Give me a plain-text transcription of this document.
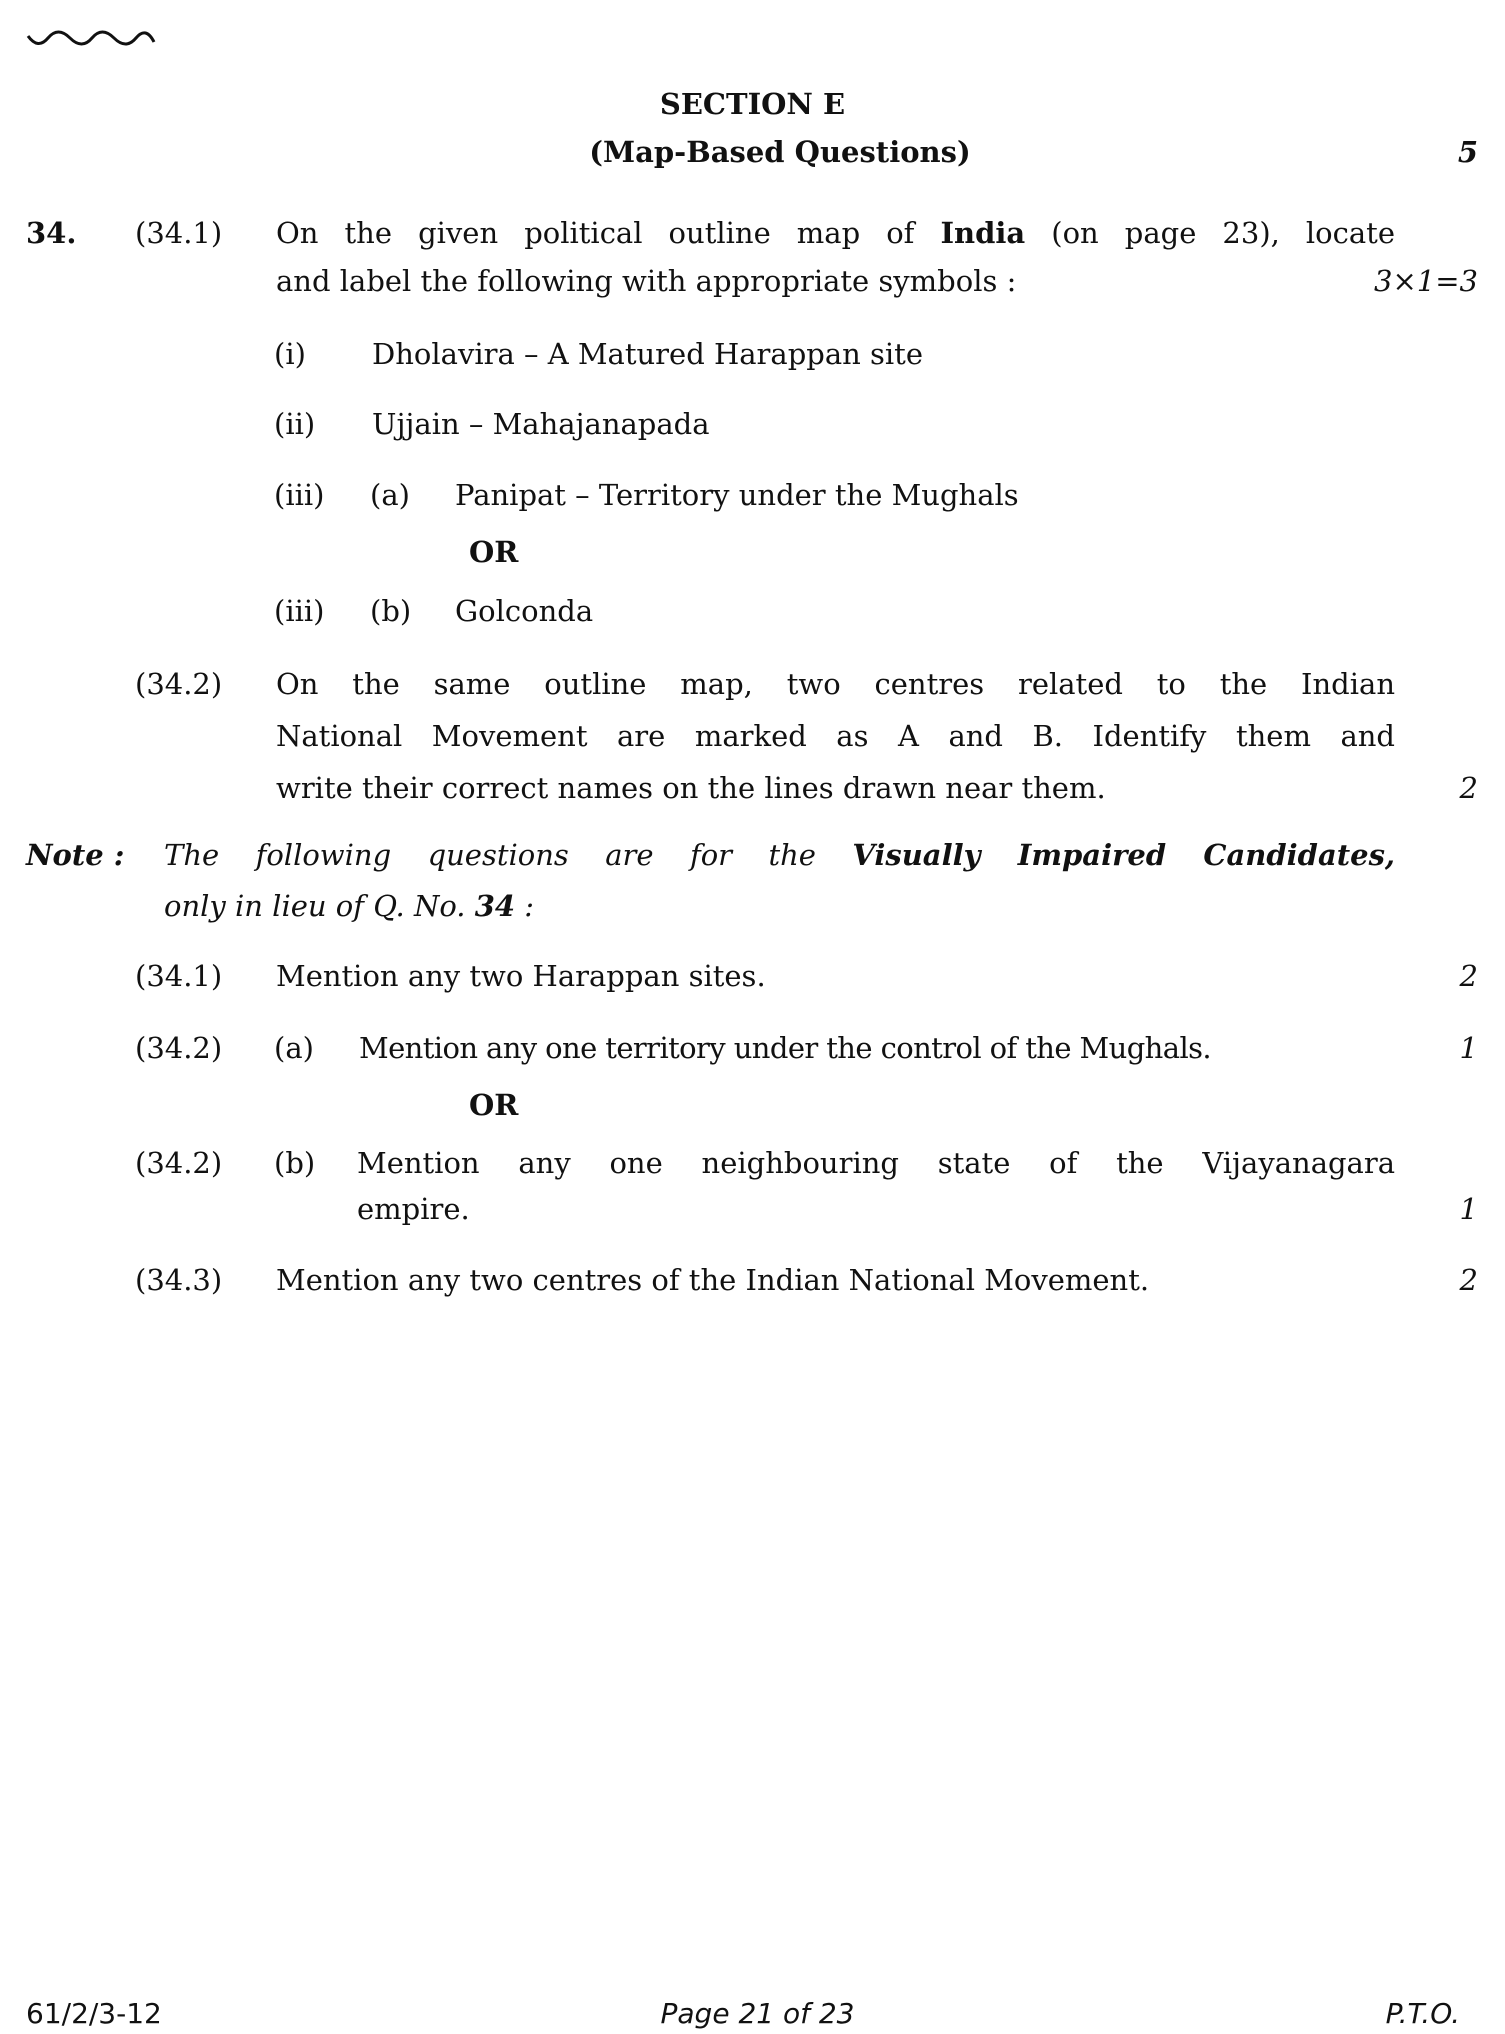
SECTION E
(Map-Based Questions)	5
34. (34.1) On the given political outline map of India (on page 23), locate
and label the following with appropriate symbols :	3×1=3
(i) Dholavira – A Matured Harappan site
(ii) Ujjain – Mahajanapada
(iii) (a) Panipat – Territory under the Mughals
OR
(iii) (b) Golconda
(34.2) On the same outline map, two centres related to the Indian
National Movement are marked as A and B. Identify them and
write their correct names on the lines drawn near them.	2
Note : The following questions are for the Visually Impaired Candidates,
only in lieu of Q. No. 34 :
(34.1) Mention any two Harappan sites.	2
(34.2) (a) Mention any one territory under the control of the Mughals.	1
OR
(34.2) (b) Mention any one neighbouring state of the Vijayanagara
empire.	1
(34.3) Mention any two centres of the Indian National Movement.	2
61/2/3-12	Page 21 of 23	P.T.O.
